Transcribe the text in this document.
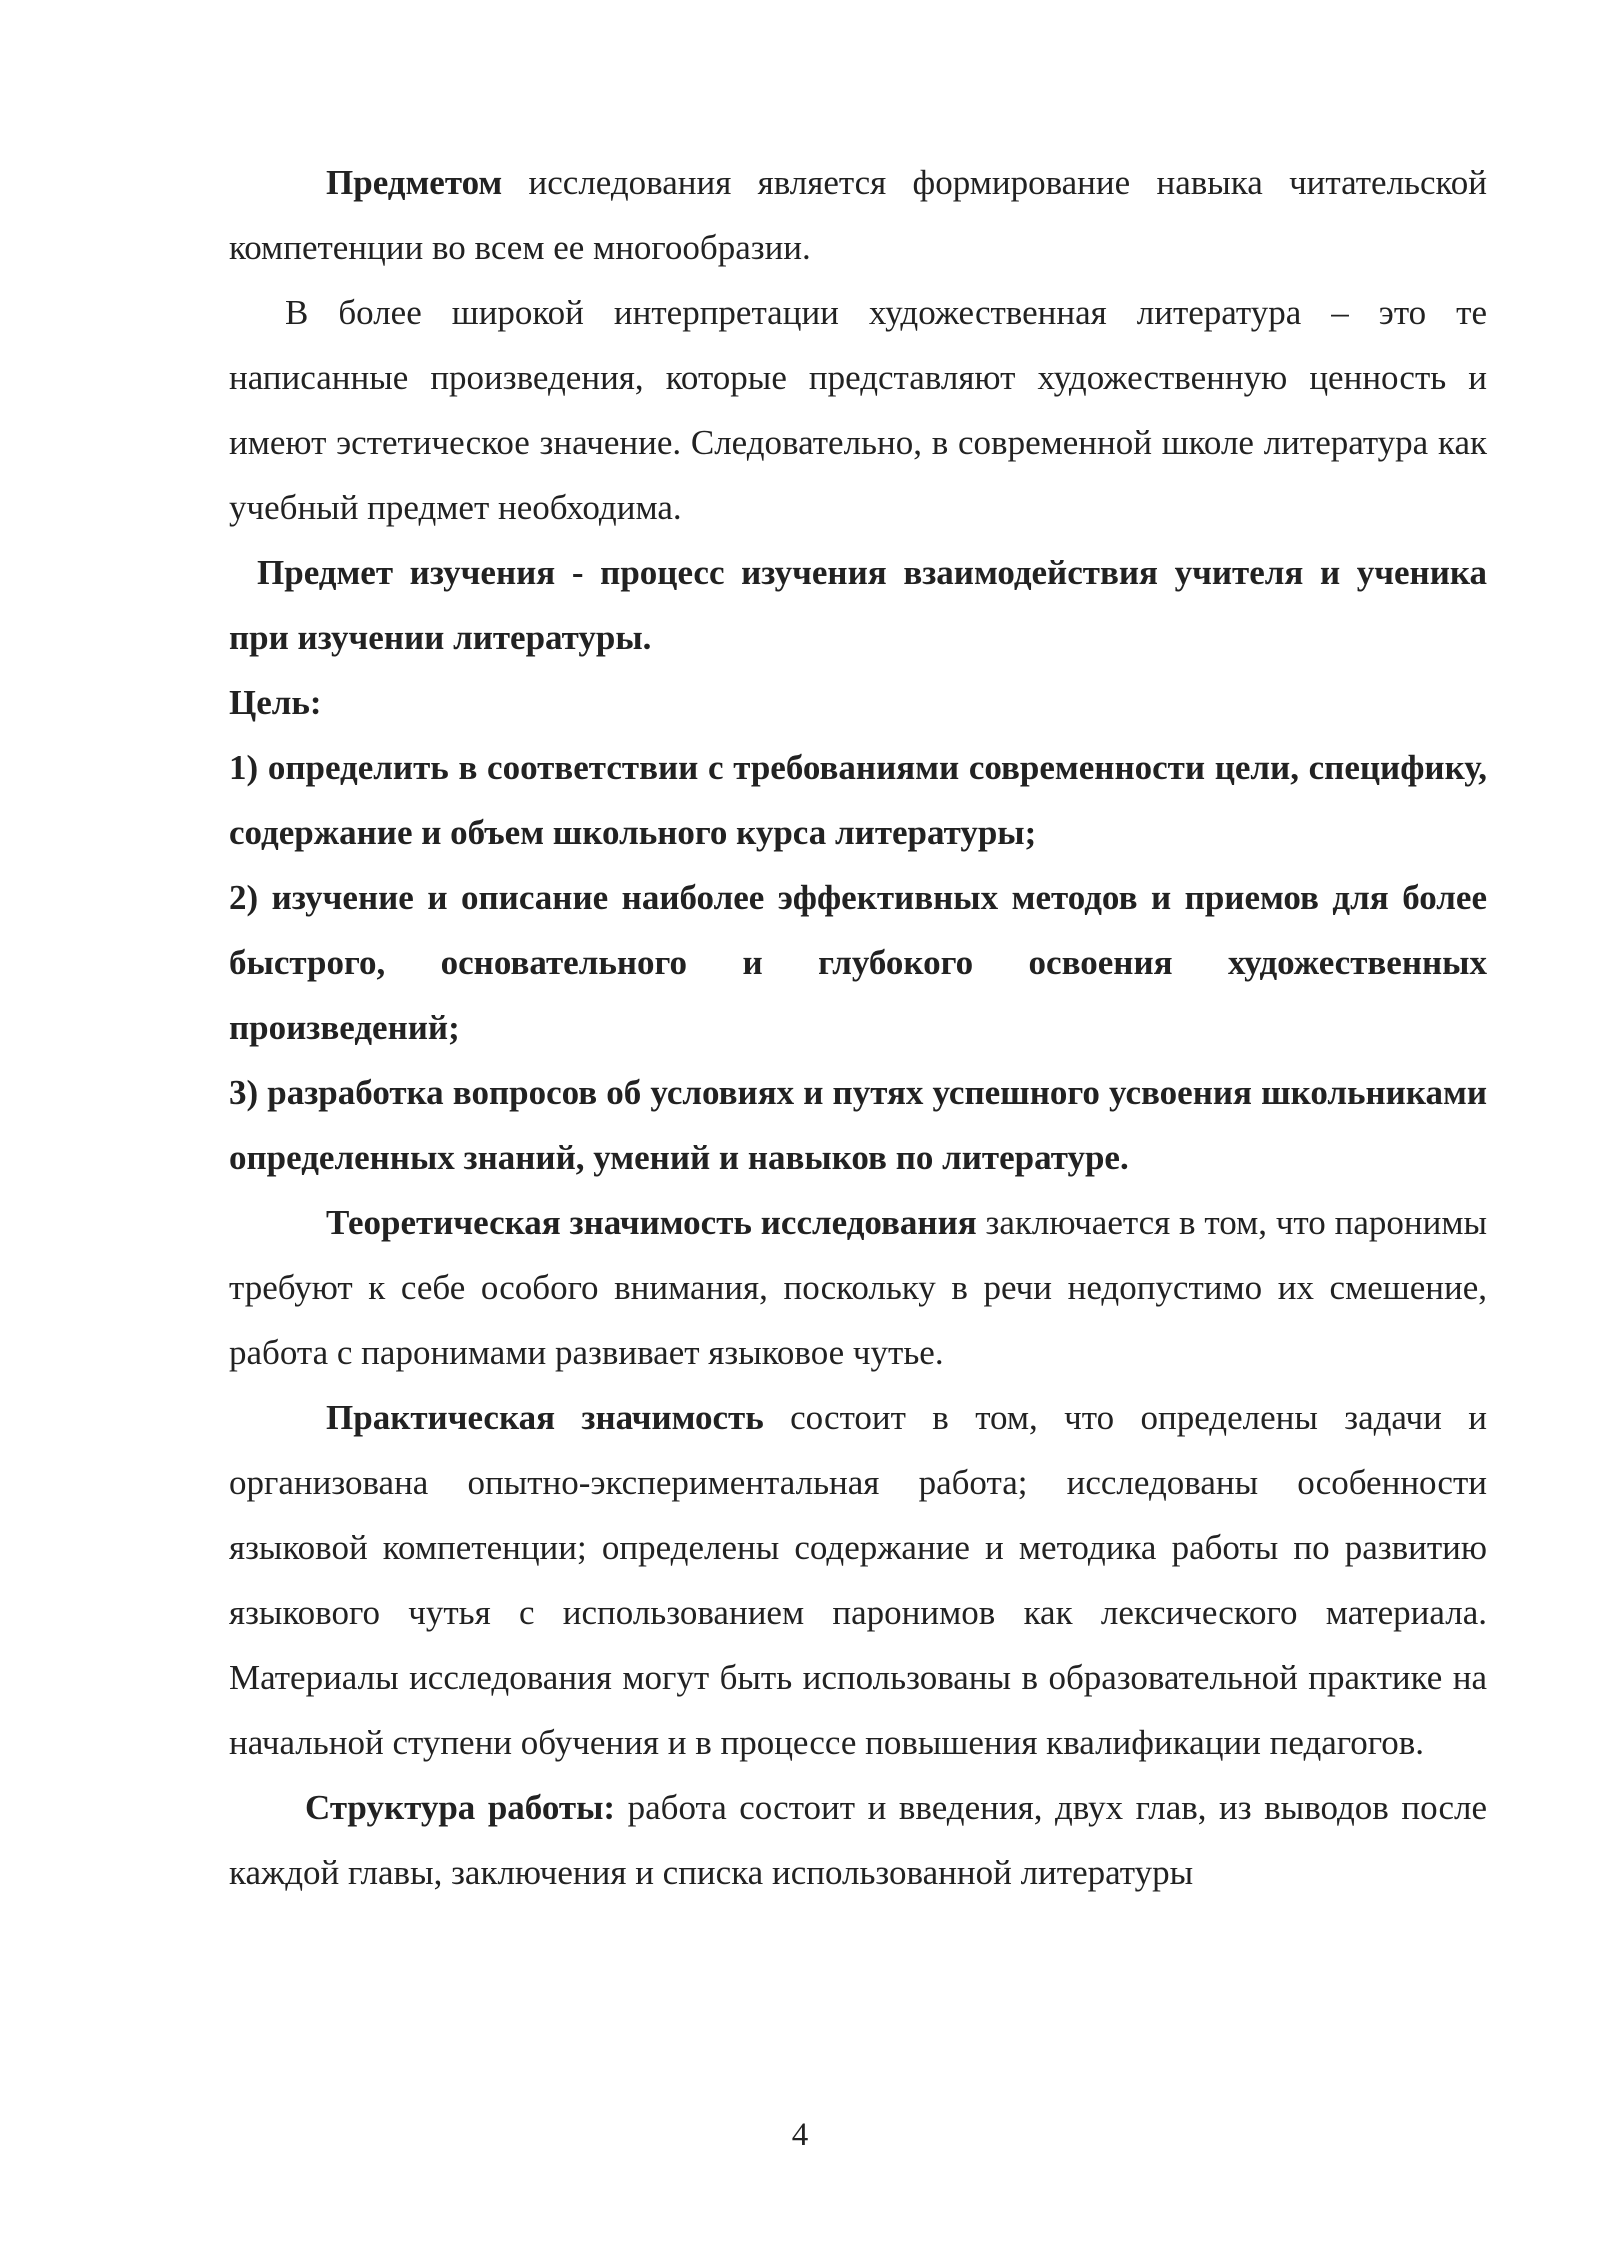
Предметом исследования является формирование навыка читательской компетенции во всем ее многообразии.

В более широкой интерпретации художественная литература – это те написанные произведения, которые представляют художественную ценность и имеют эстетическое значение. Следовательно, в современной школе литература как учебный предмет необходима.

Предмет изучения - процесс изучения взаимодействия учителя и ученика при изучении литературы.

Цель:

1) определить в соответствии с требованиями современности цели, специфику, содержание и объем школьного курса литературы;

2) изучение и описание наиболее эффективных методов и приемов для более быстрого, основательного и глубокого освоения художественных произведений;

3) разработка вопросов об условиях и путях успешного усвоения школьниками определенных знаний, умений и навыков по литературе.

Теоретическая значимость исследования заключается в том, что паронимы требуют к себе особого внимания, поскольку в речи недопустимо их смешение, работа с паронимами развивает языковое чутье.

Практическая значимость состоит в том, что определены задачи и организована опытно-экспериментальная работа; исследованы особенности языковой компетенции; определены содержание и методика работы по развитию языкового чутья с использованием паронимов как лексического материала. Материалы исследования могут быть использованы в образовательной практике на начальной ступени обучения и в процессе повышения квалификации педагогов.

Структура работы: работа состоит и введения, двух глав, из выводов после каждой главы, заключения и списка использованной литературы

4
